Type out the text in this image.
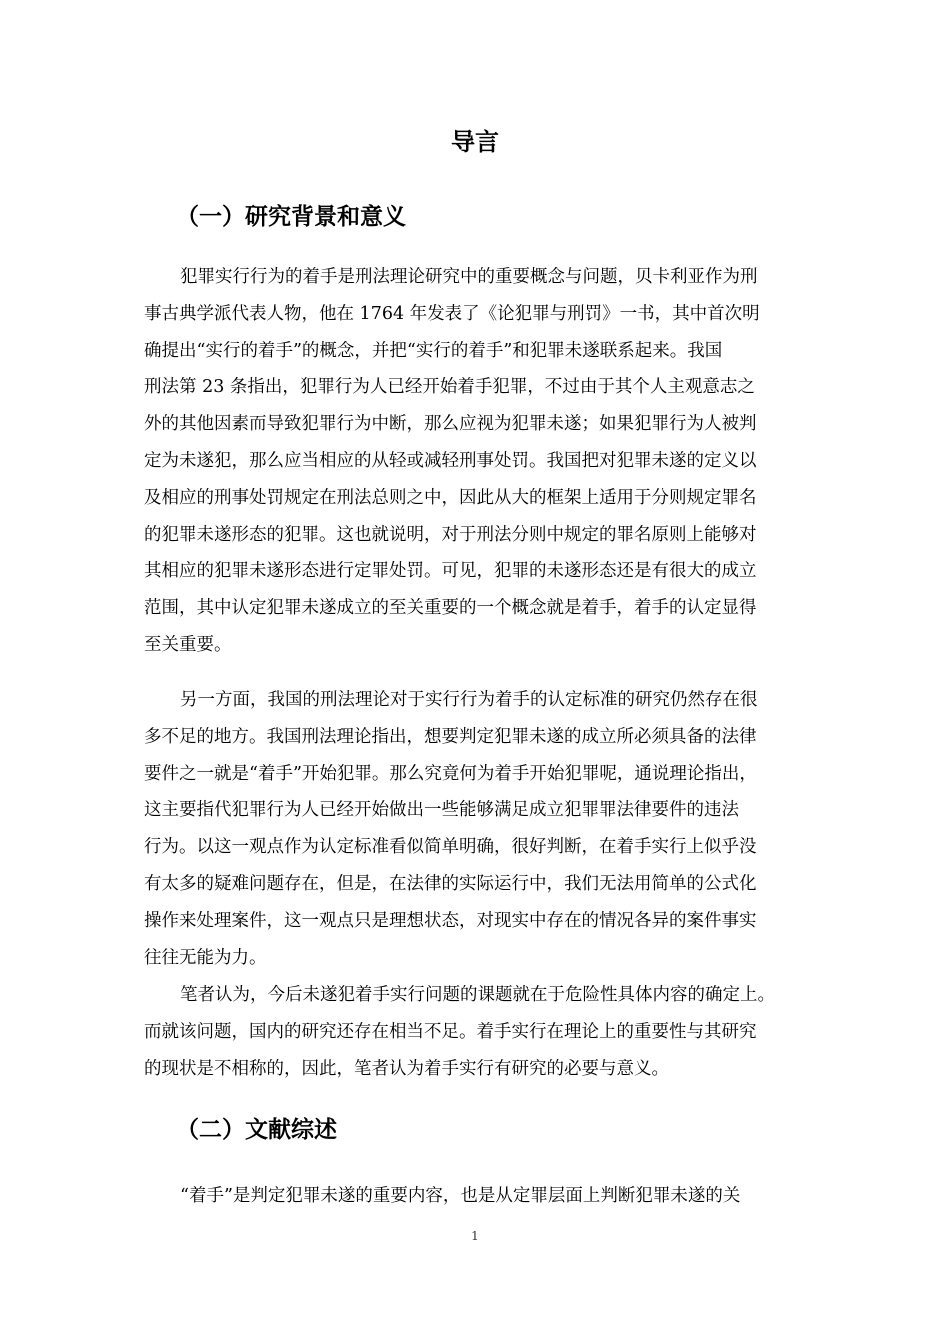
导言
（一）研究背景和意义
犯罪实行行为的着手是刑法理论研究中的重要概念与问题，贝卡利亚作为刑
事古典学派代表人物，他在 1764 年发表了《论犯罪与刑罚》一书，其中首次明
确提出“实行的着手”的概念，并把“实行的着手”和犯罪未遂联系起来。我国
刑法第 23 条指出，犯罪行为人已经开始着手犯罪，不过由于其个人主观意志之
外的其他因素而导致犯罪行为中断，那么应视为犯罪未遂；如果犯罪行为人被判
定为未遂犯，那么应当相应的从轻或减轻刑事处罚。我国把对犯罪未遂的定义以
及相应的刑事处罚规定在刑法总则之中，因此从大的框架上适用于分则规定罪名
的犯罪未遂形态的犯罪。这也就说明，对于刑法分则中规定的罪名原则上能够对
其相应的犯罪未遂形态进行定罪处罚。可见，犯罪的未遂形态还是有很大的成立
范围，其中认定犯罪未遂成立的至关重要的一个概念就是着手，着手的认定显得
至关重要。
另一方面，我国的刑法理论对于实行行为着手的认定标准的研究仍然存在很
多不足的地方。我国刑法理论指出，想要判定犯罪未遂的成立所必须具备的法律
要件之一就是“着手”开始犯罪。那么究竟何为着手开始犯罪呢，通说理论指出，
这主要指代犯罪行为人已经开始做出一些能够满足成立犯罪罪法律要件的违法
行为。以这一观点作为认定标准看似简单明确，很好判断，在着手实行上似乎没
有太多的疑难问题存在，但是，在法律的实际运行中，我们无法用简单的公式化
操作来处理案件，这一观点只是理想状态，对现实中存在的情况各异的案件事实
往往无能为力。
笔者认为，今后未遂犯着手实行问题的课题就在于危险性具体内容的确定上。
而就该问题，国内的研究还存在相当不足。着手实行在理论上的重要性与其研究
的现状是不相称的，因此，笔者认为着手实行有研究的必要与意义。
（二）文献综述
“着手”是判定犯罪未遂的重要内容，也是从定罪层面上判断犯罪未遂的关
1
